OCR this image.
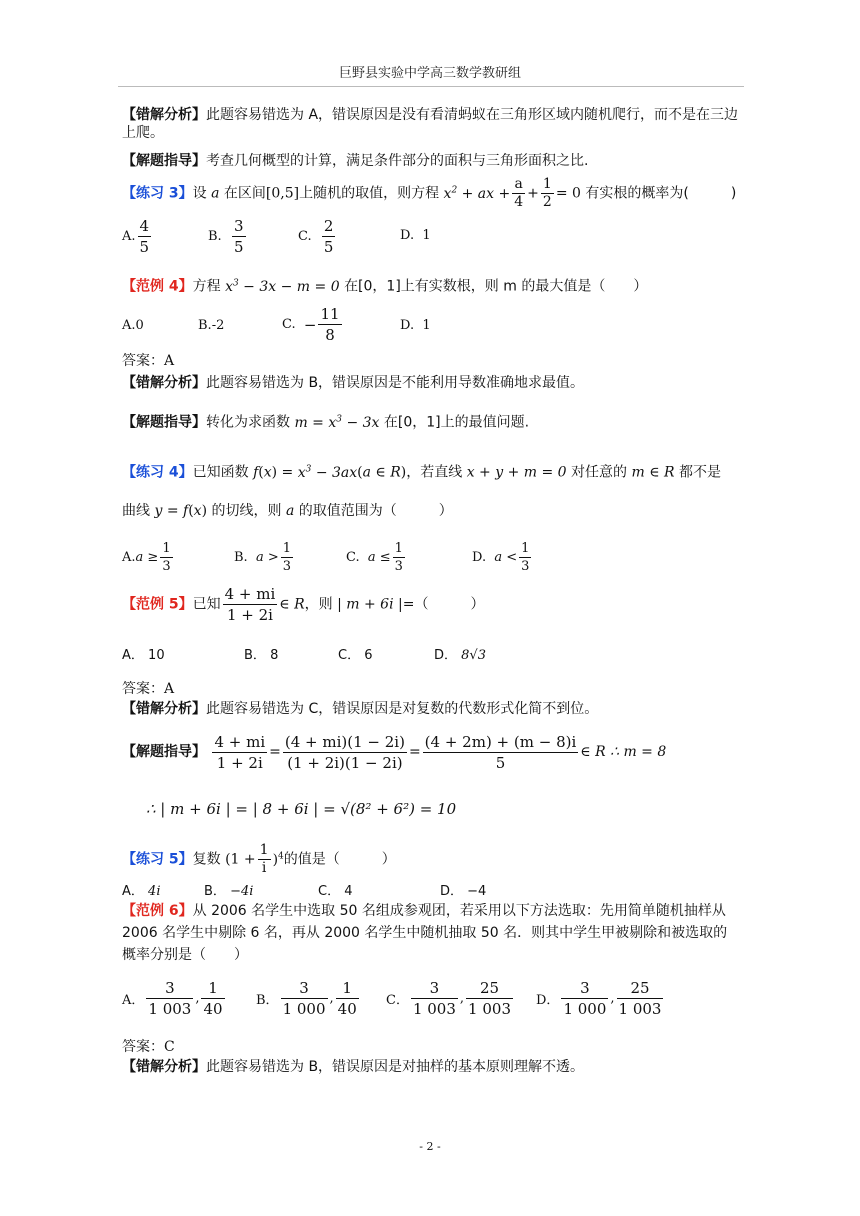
巨野县实验中学高三数学教研组
【错解分析】此题容易错选为 A，错误原因是没有看清蚂蚁在三角形区域内随机爬行，而不是在三边上爬。
【解题指导】考查几何概型的计算，满足条件部分的面积与三角形面积之比.
【练习 3】设 a 在区间[0,5]上随机的取值，则方程 $x^2$ + ax + $\frac{a}{4} + \frac{1}{2} = 0$ 有实根的概率为(　　　)
A. $\frac{4}{5}$	B. $\frac{3}{5}$	C. $\frac{2}{5}$	D. 1
【范例 4】方程 $x^3 - 3x - m = 0$ 在[0，1]上有实数根，则 m 的最大值是（　　）
A.0	B.-2	C. − $\frac{11}{8}$	D. 1
答案：A
【错解分析】此题容易错选为 B，错误原因是不能利用导数准确地求最值。
【解题指导】转化为求函数 $m = x^3 - 3x$ 在[0，1]上的最值问题.
【练习 4】已知函数 $f(x) = x^3 - 3ax(a$ ∈ R)，若直线 x + y + m = 0 对任意的 m ∈ R 都不是
曲线 y = f(x) 的切线，则 a 的取值范围为（　　　）
$A.a \ge \frac{1}{3}$	B. $a > \frac{1}{3}$	C. $a \le \frac{1}{3}$	D. $a < \frac{1}{3}$
【范例 5】已知 $\frac{4 + mi}{1 + 2i}$ ∈ R，则 | m + 6i |=（　　　）
A． 10	B． 8	C． 6	D． 8√3
答案：A
【错解分析】此题容易错选为 C，错误原因是对复数的代数形式化简不到位。
【解题指导】 $\frac{4 + mi}{1 + 2i} = \frac{(4 + mi)(1 - 2i)}{(1 + 2i)(1 - 2i)} = \frac{(4 + 2m) + (m - 8)i}{5}$ ∈ R ∴ m = 8
∴ | m + 6i | = | 8 + 6i | = √(8² + 6²) = 10
【练习 5】复数 $(1 + \frac{1}{i} )^4$的值是（　　　）
A． 4i	B． −4i	C． 4	D． −4
【范例 6】从 2006 名学生中选取 50 名组成参观团，若采用以下方法选取：先用简单随机抽样从 2006 名学生中剔除 6 名，再从 2000 名学生中随机抽取 50 名．则其中学生甲被剔除和被选取的概率分别是（　　）
A． $\frac{3}{1 003}$ , $\frac{1}{40}$ B． $\frac{3}{1 000}$ , $\frac{1}{40}$ C． $\frac{3}{1 003}$ , $\frac{25}{1 003}$ D． $\frac{3}{1 000}$ , $\frac{25}{1 003}$
答案：C
【错解分析】此题容易错选为 B，错误原因是对抽样的基本原则理解不透。
- 2 -
